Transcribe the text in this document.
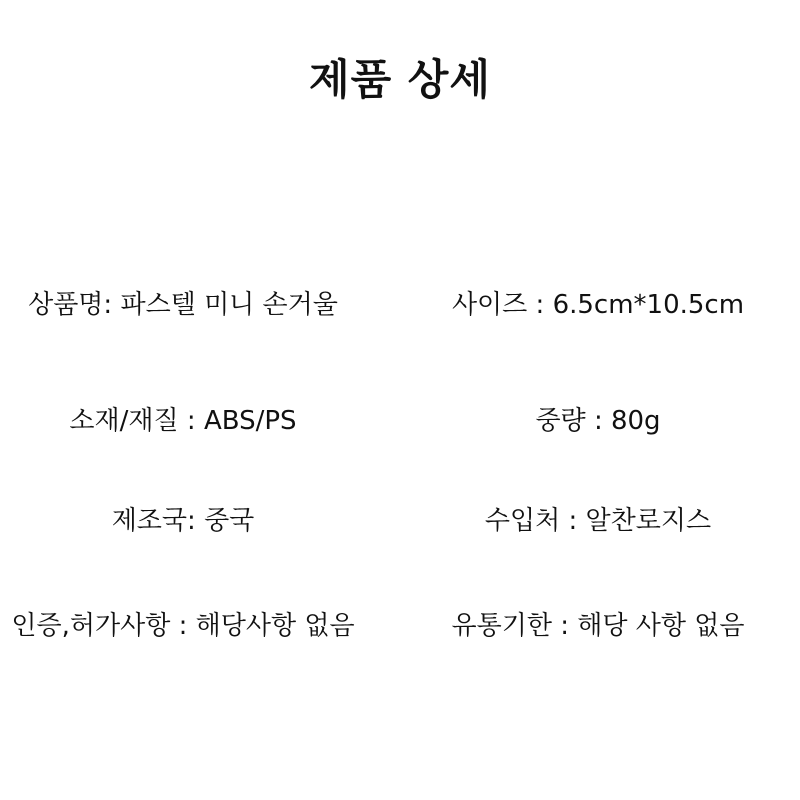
제품 상세
상품명: 파스텔 미니 손거울	사이즈 : 6.5cm*10.5cm
소재/재질 : ABS/PS	중량 : 80g
제조국: 중국	수입처 : 알찬로지스
인증,허가사항 : 해당사항 없음	유통기한 : 해당 사항 없음
